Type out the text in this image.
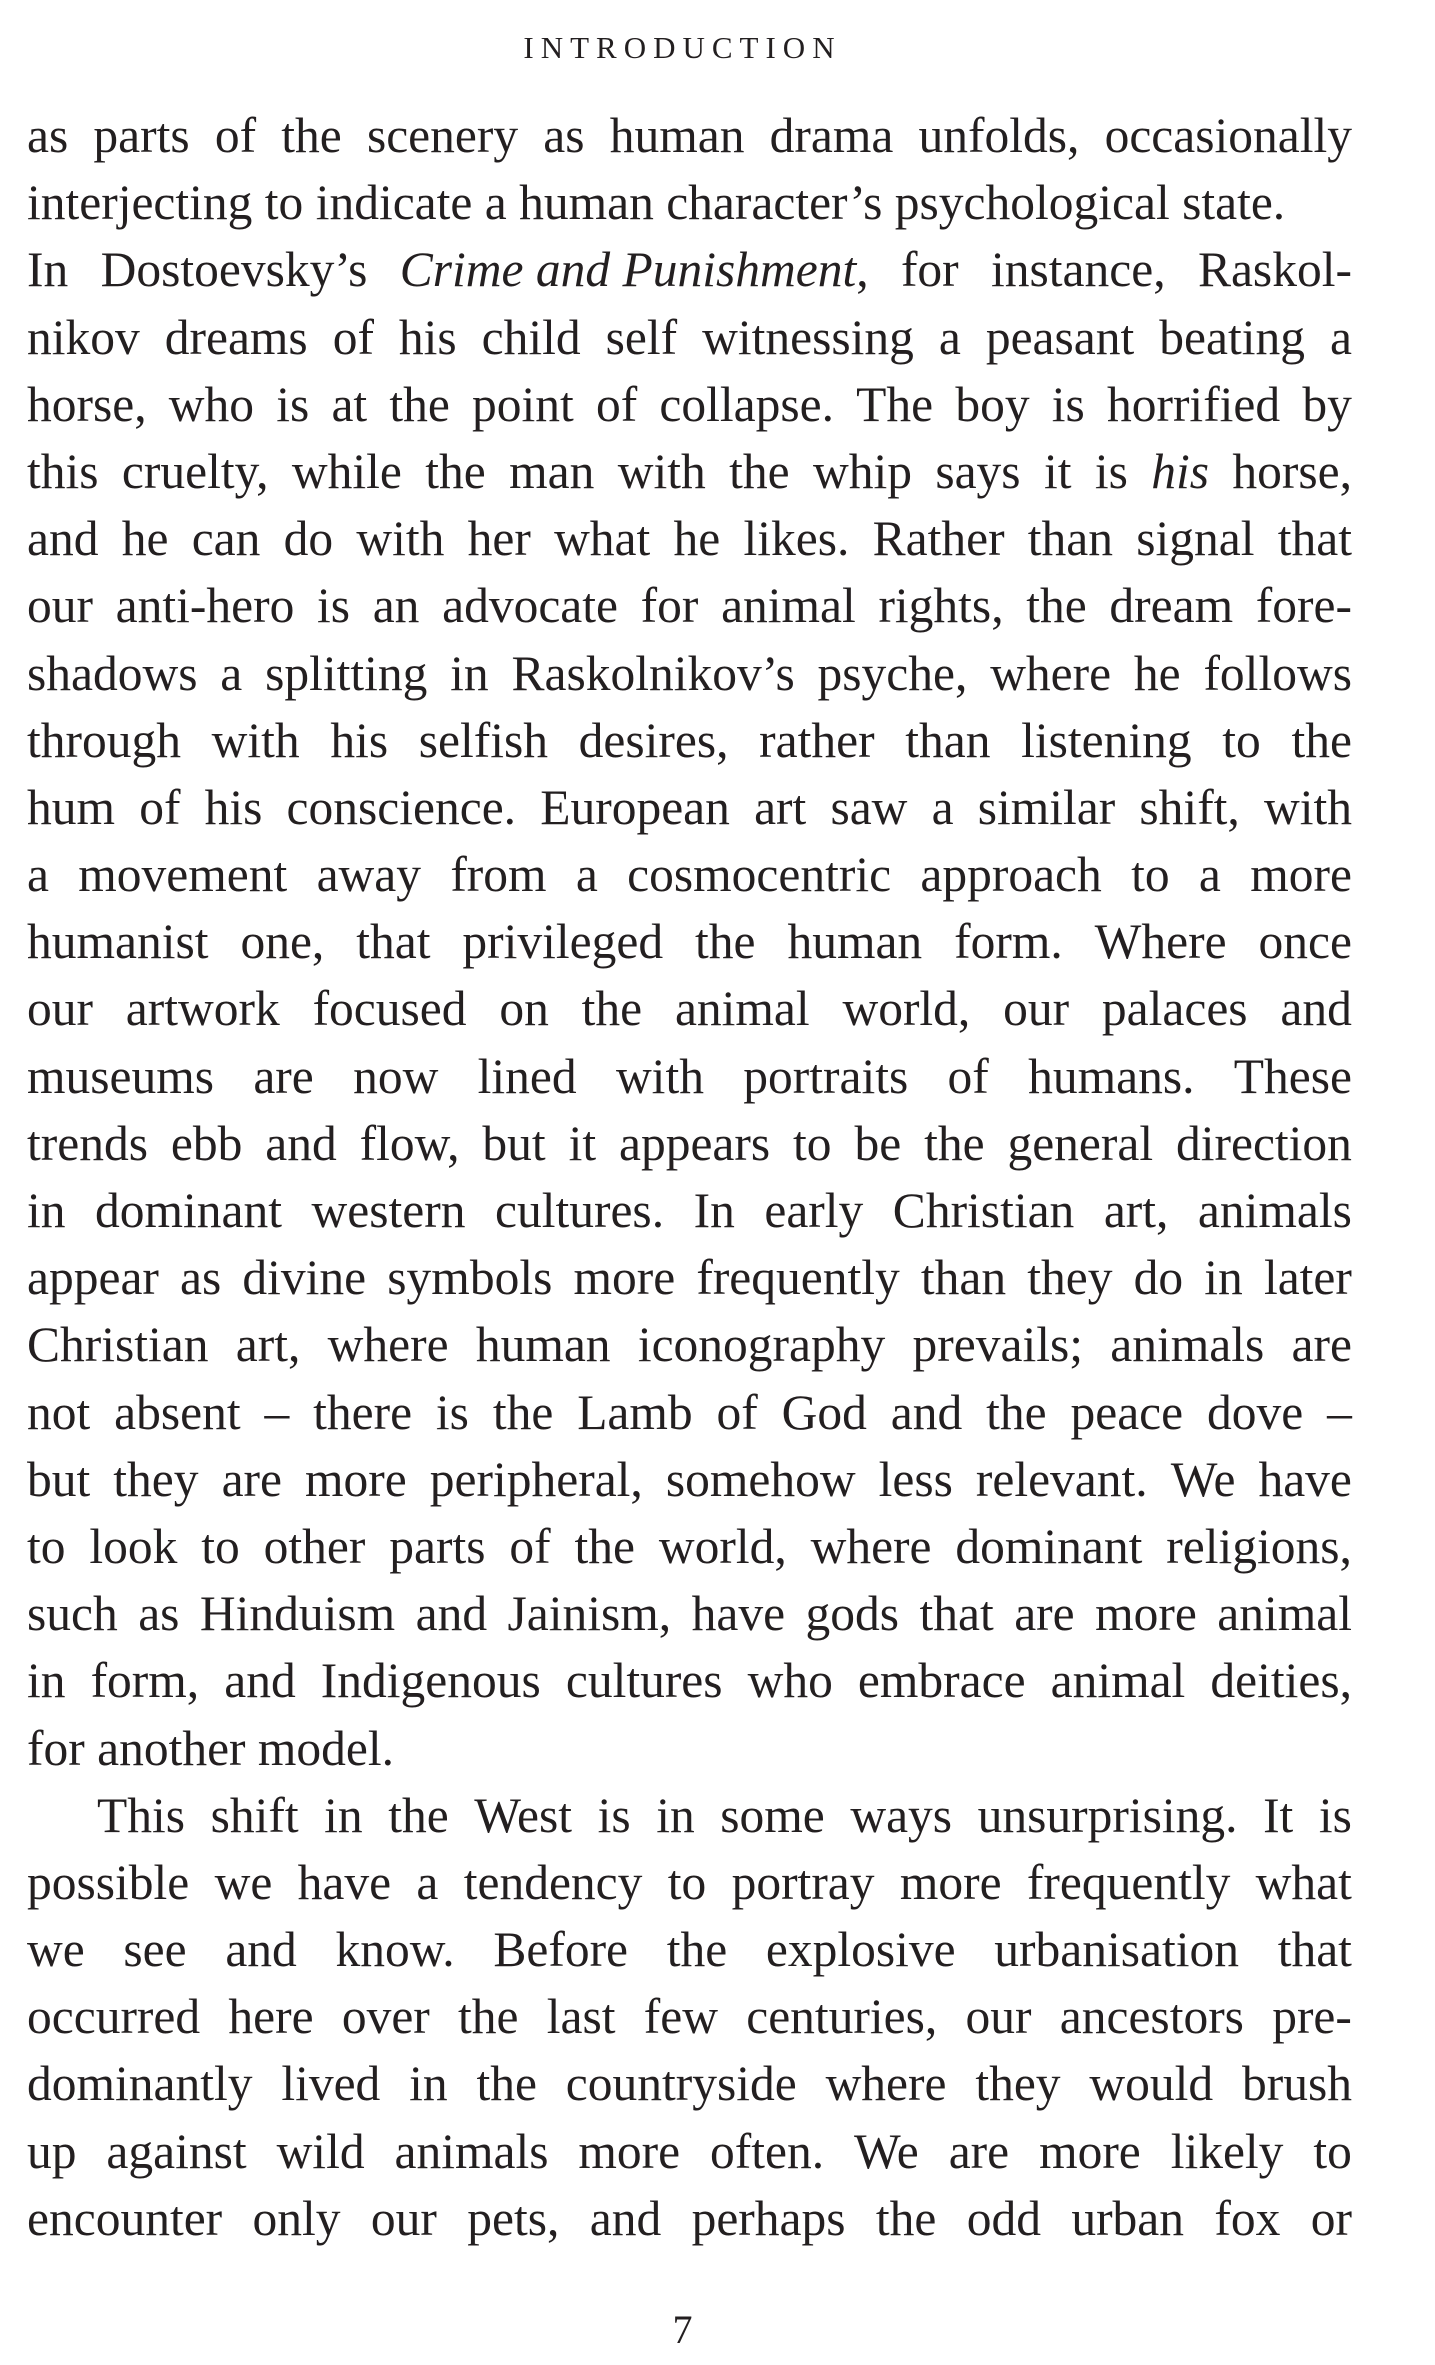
INTRODUCTION
as parts of the scenery as human drama unfolds, occasionally
interjecting to indicate a human character’s psychological state.
In Dostoevsky’s Crime and Punishment, for instance, Raskol-
nikov dreams of his child self witnessing a peasant beating a
horse, who is at the point of collapse. The boy is horrified by
this cruelty, while the man with the whip says it is his horse,
and he can do with her what he likes. Rather than signal that
our anti-hero is an advocate for animal rights, the dream fore-
shadows a splitting in Raskolnikov’s psyche, where he follows
through with his selfish desires, rather than listening to the
hum of his conscience. European art saw a similar shift, with
a movement away from a cosmocentric approach to a more
humanist one, that privileged the human form. Where once
our artwork focused on the animal world, our palaces and
museums are now lined with portraits of humans. These
trends ebb and flow, but it appears to be the general direction
in dominant western cultures. In early Christian art, animals
appear as divine symbols more frequently than they do in later
Christian art, where human iconography prevails; animals are
not absent – there is the Lamb of God and the peace dove –
but they are more peripheral, somehow less relevant. We have
to look to other parts of the world, where dominant religions,
such as Hinduism and Jainism, have gods that are more animal
in form, and Indigenous cultures who embrace animal deities,
for another model.
This shift in the West is in some ways unsurprising. It is
possible we have a tendency to portray more frequently what
we see and know. Before the explosive urbanisation that
occurred here over the last few centuries, our ancestors pre-
dominantly lived in the countryside where they would brush
up against wild animals more often. We are more likely to
encounter only our pets, and perhaps the odd urban fox or
7
